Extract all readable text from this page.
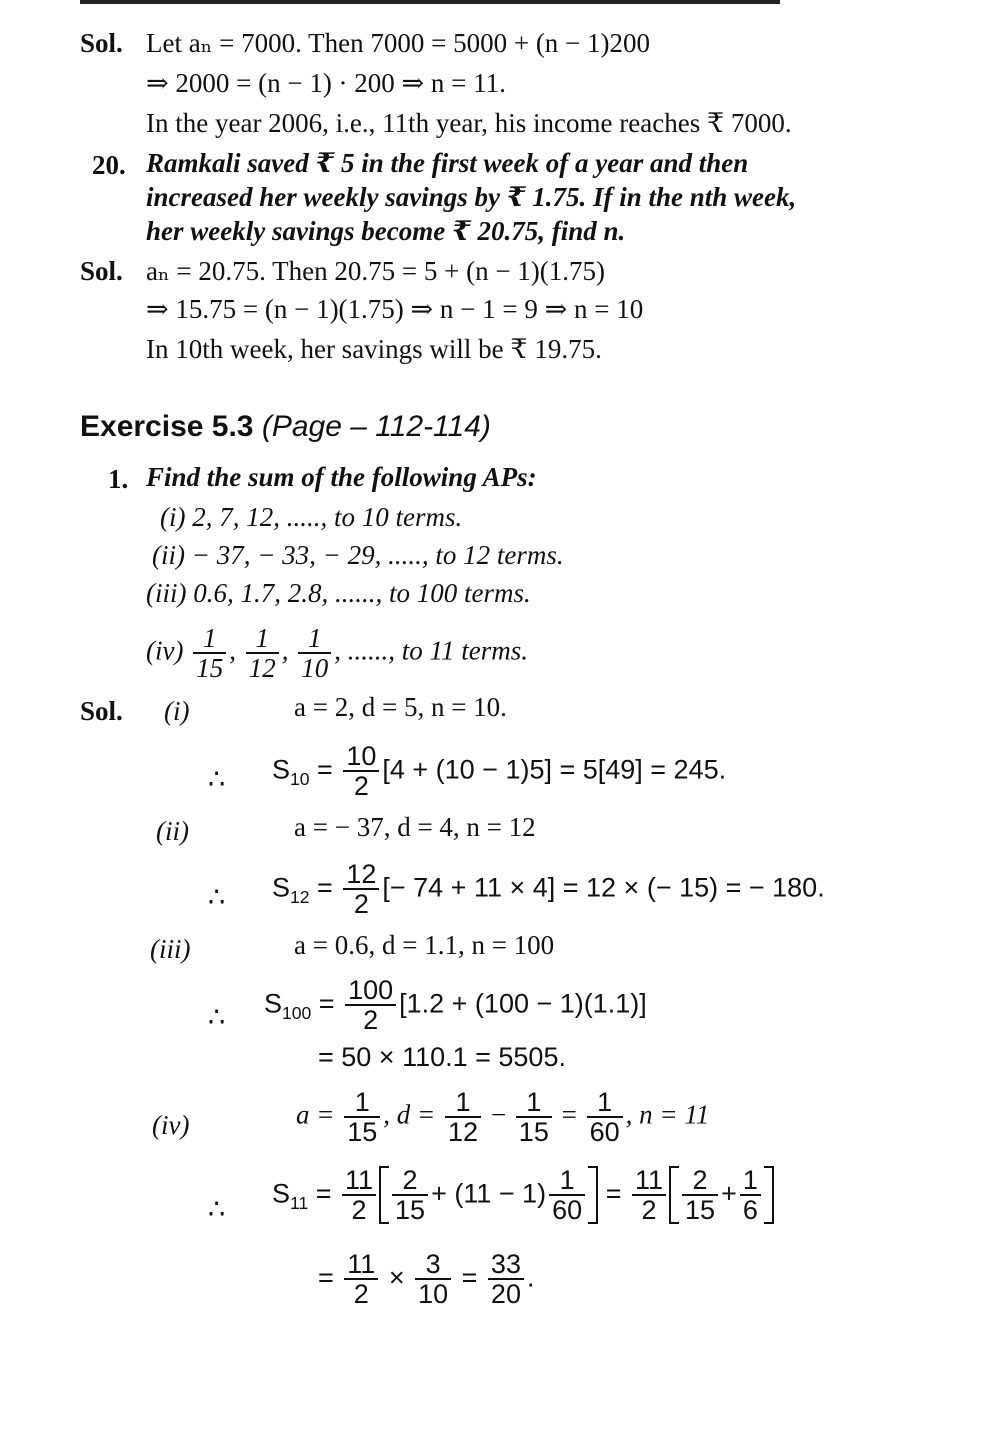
Sol. Let aₙ = 7000. Then 7000 = 5000 + (n − 1)200
⇒ 2000 = (n − 1) · 200 ⇒ n = 11.
In the year 2006, i.e., 11th year, his income reaches ₹ 7000.
20. Ramkali saved ₹ 5 in the first week of a year and then
increased her weekly savings by ₹ 1.75. If in the nth week,
her weekly savings become ₹ 20.75, find n.
Sol. aₙ = 20.75. Then 20.75 = 5 + (n − 1)(1.75)
⇒ 15.75 = (n − 1)(1.75) ⇒ n − 1 = 9 ⇒ n = 10
In 10th week, her savings will be ₹ 19.75.
Exercise 5.3 (Page – 112-114)
1. Find the sum of the following APs:
(i) 2, 7, 12, ....., to 10 terms.
(ii) − 37, − 33, − 29, ....., to 12 terms.
(iii) 0.6, 1.7, 2.8, ......, to 100 terms.
$(iv) \frac{1}{15}$ , $\frac{1}{12}$ , $\frac{1}{10}$ , ......, to 11 terms.
Sol. (i)	a = 2, d = 5, n = 10.
∴ $S_{10} = \frac{10}{2} [4 + (10 - 1)5] = 5[49] = 245$.
(ii)	a = − 37, d = 4, n = 12
∴ $S_{12} = \frac{12}{2}$ [− 74 + 11 × 4] = 12 × (− 15) = − 180.
(iii)	a = 0.6, d = 1.1, n = 100
∴ $S_{100} = \frac{100}{2} [1.2 + (100 - 1)(1.1)]$
= 50 × 110.1 = 5505.
(iv)	$a = \frac{1}{15}$ , $d = \frac{1}{12} - \frac{1}{15} = \frac{1}{60}$ , n = 11
∴
$S_{11} = \frac{11}{2} \frac{2}{15} + (11 - 1) \frac{1}{60} = \frac{11}{2} \frac{2}{15} + \frac{1}{6}$
= $\frac{11}{2} \times \frac{3}{10} = \frac{33}{20}$ .
